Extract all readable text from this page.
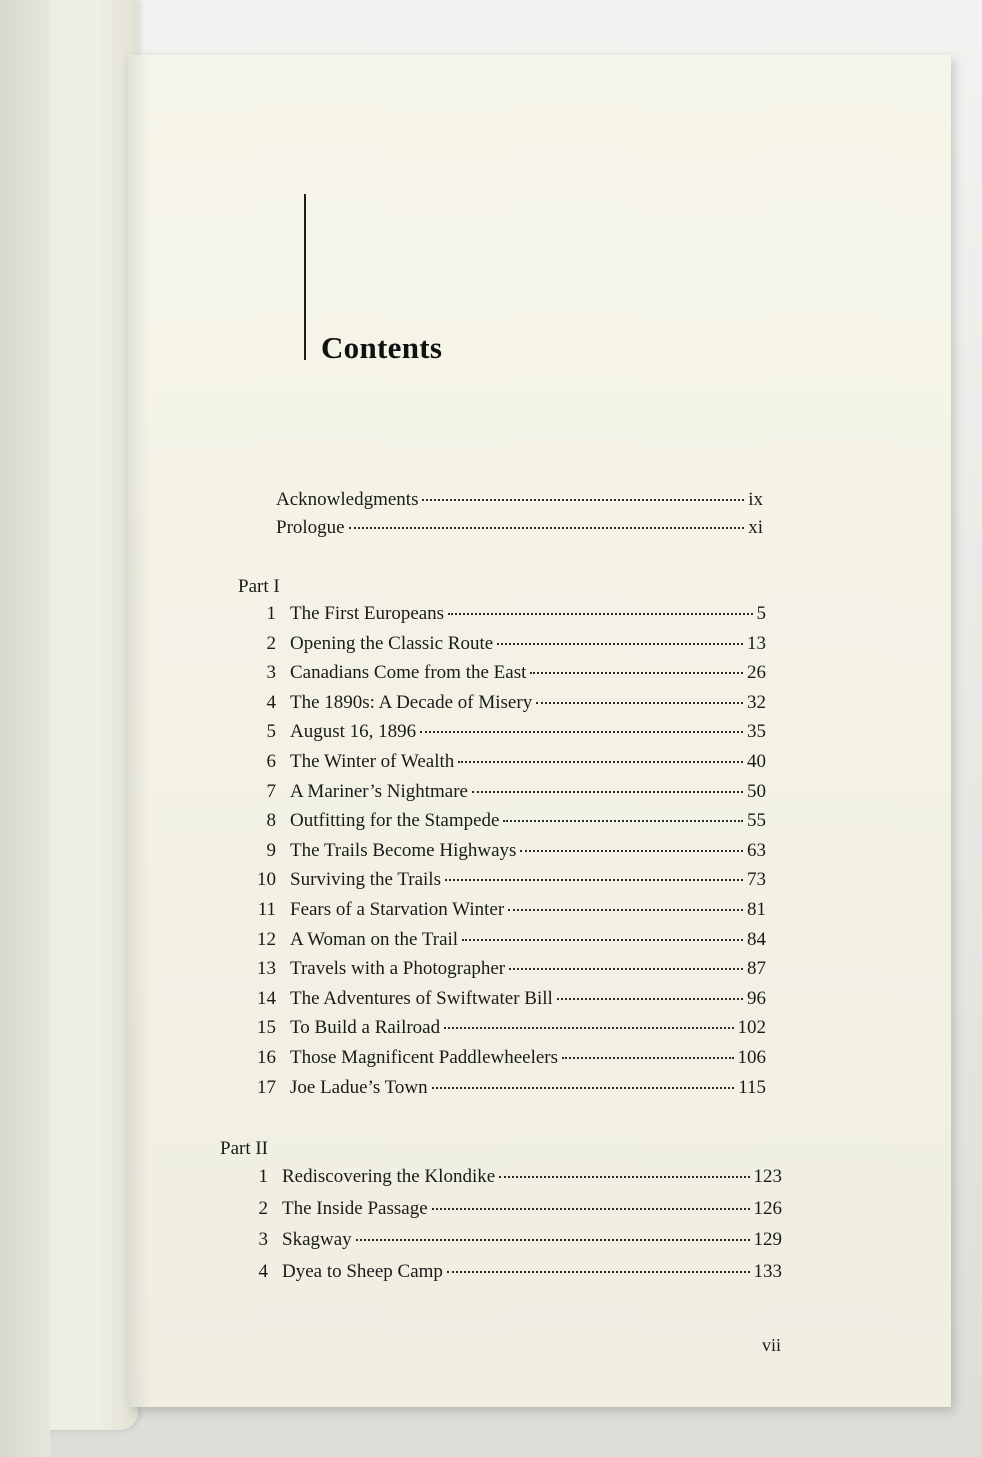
Contents
Acknowledgments	ix
Prologue	xi
Part I
1 The First Europeans	5
2 Opening the Classic Route	13
3 Canadians Come from the East	26
4 The 1890s: A Decade of Misery	32
5 August 16, 1896	35
6 The Winter of Wealth	40
7 A Mariner’s Nightmare	50
8 Outfitting for the Stampede	55
9 The Trails Become Highways	63
10 Surviving the Trails	73
11 Fears of a Starvation Winter	81
12 A Woman on the Trail	84
13 Travels with a Photographer	87
14 The Adventures of Swiftwater Bill	96
15 To Build a Railroad	102
16 Those Magnificent Paddlewheelers	106
17 Joe Ladue’s Town	115
Part II
1 Rediscovering the Klondike	123
2 The Inside Passage	126
3 Skagway	129
4 Dyea to Sheep Camp	133
vii
